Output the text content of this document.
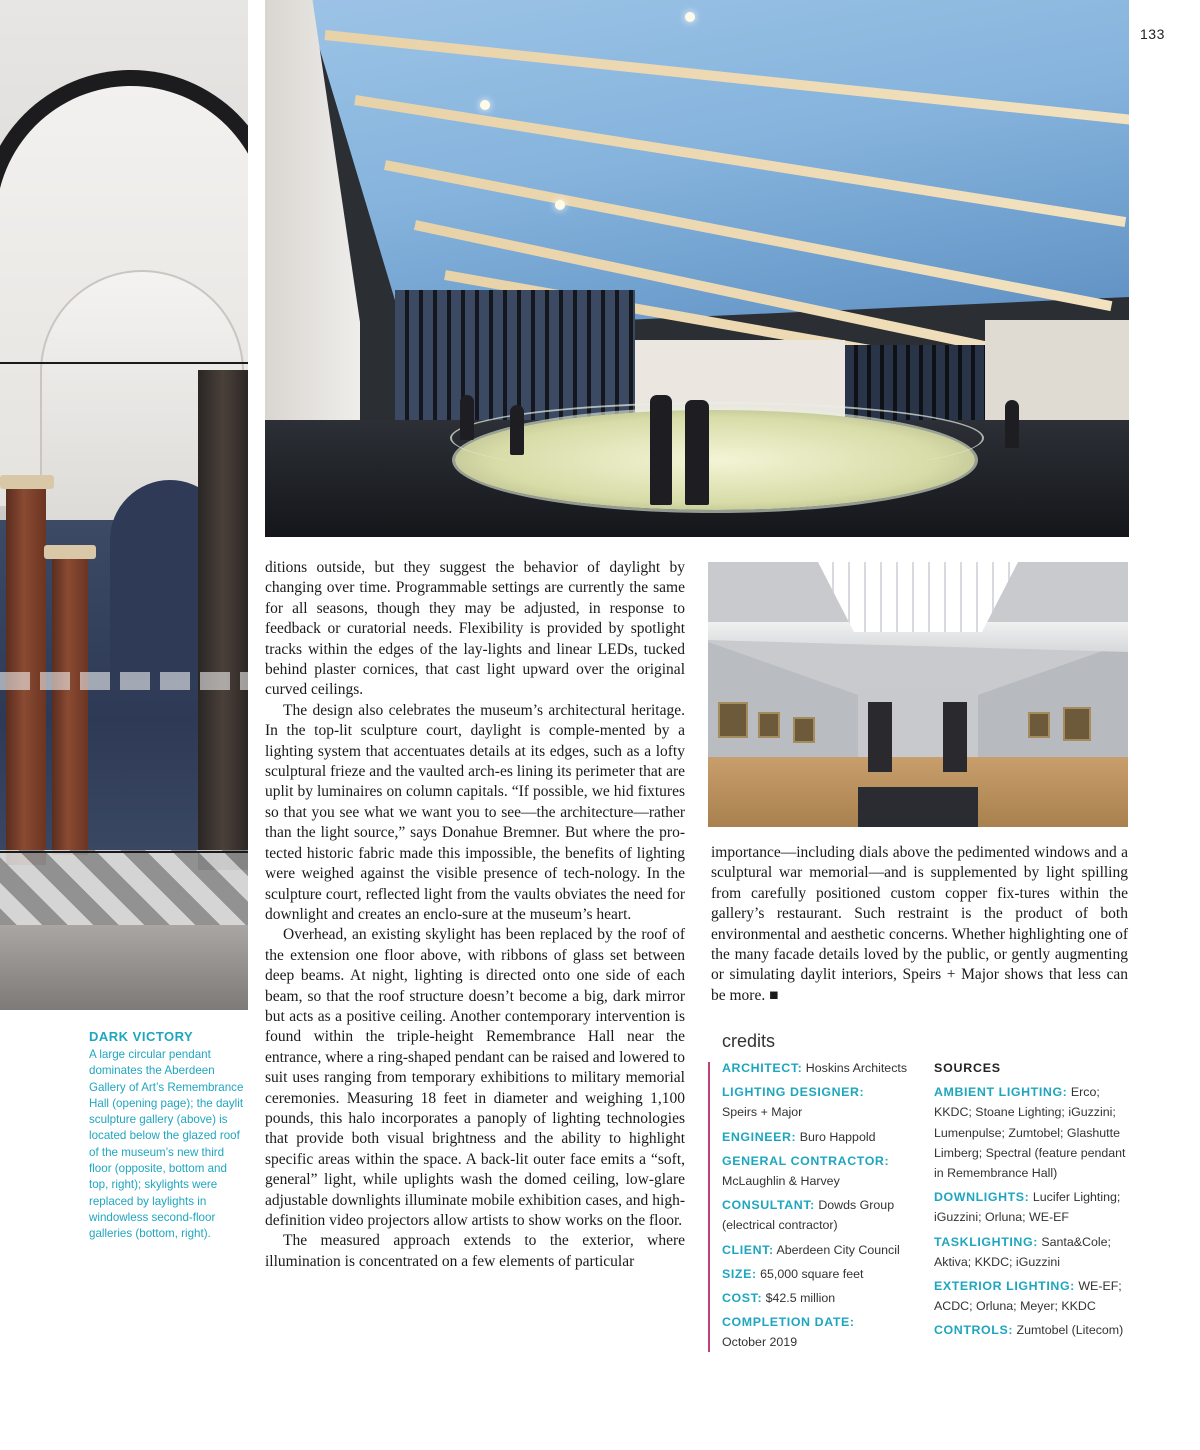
133
DARK VICTORY
A large circular pendant dominates the Aberdeen Gallery of Art’s Remembrance Hall (opening page); the daylit sculpture gallery (above) is located below the glazed roof of the museum’s new third floor (opposite, bottom and top, right); skylights were replaced by laylights in windowless second-floor galleries (bottom, right).

ditions outside, but they suggest the behavior of daylight by changing over time. Programmable settings are currently the same for all seasons, though they may be adjusted, in response to feedback or curatorial needs. Flexibility is provided by spotlight tracks within the edges of the lay-lights and linear LEDs, tucked behind plaster cornices, that cast light upward over the original curved ceilings.

The design also celebrates the museum’s architectural heritage. In the top-lit sculpture court, daylight is comple-mented by a lighting system that accentuates details at its edges, such as a lofty sculptural frieze and the vaulted arch-es lining its perimeter that are uplit by luminaires on column capitals. “If possible, we hid fixtures so that you see what we want you to see—the architecture—rather than the light source,” says Donahue Bremner. But where the pro-tected historic fabric made this impossible, the benefits of lighting were weighed against the visible presence of tech-nology. In the sculpture court, reflected light from the vaults obviates the need for downlight and creates an enclo-sure at the museum’s heart.

Overhead, an existing skylight has been replaced by the roof of the extension one floor above, with ribbons of glass set between deep beams. At night, lighting is directed onto one side of each beam, so that the roof structure doesn’t become a big, dark mirror but acts as a positive ceiling. Another contemporary intervention is found within the triple-height Remembrance Hall near the entrance, where a ring-shaped pendant can be raised and lowered to suit uses ranging from temporary exhibitions to military memorial ceremonies. Measuring 18 feet in diameter and weighing 1,100 pounds, this halo incorporates a panoply of lighting technologies that provide both visual brightness and the ability to highlight specific areas within the space. A back-lit outer face emits a “soft, general” light, while uplights wash the domed ceiling, low-glare adjustable downlights illuminate mobile exhibition cases, and high-definition video projectors allow artists to show works on the floor.

The measured approach extends to the exterior, where illumination is concentrated on a few elements of particular

importance—including dials above the pedimented windows and a sculptural war memorial—and is supplemented by light spilling from carefully positioned custom copper fix-tures within the gallery’s restaurant. Such restraint is the product of both environmental and aesthetic concerns. Whether highlighting one of the many facade details loved by the public, or gently augmenting or simulating daylit interiors, Speirs + Major shows that less can be more. ■

credits
ARCHITECT: Hoskins Architects
LIGHTING DESIGNER:
Speirs + Major
ENGINEER: Buro Happold
GENERAL CONTRACTOR:
McLaughlin & Harvey
CONSULTANT: Dowds Group (electrical contractor)
CLIENT: Aberdeen City Council
SIZE: 65,000 square feet
COST: $42.5 million
COMPLETION DATE:
October 2019
SOURCES
AMBIENT LIGHTING: Erco; KKDC; Stoane Lighting; iGuzzini; Lumenpulse; Zumtobel; Glashutte Limberg; Spectral (feature pendant in Remembrance Hall)
DOWNLIGHTS: Lucifer Lighting; iGuzzini; Orluna; WE-EF
TASKLIGHTING: Santa&Cole; Aktiva; KKDC; iGuzzini
EXTERIOR LIGHTING: WE-EF; ACDC; Orluna; Meyer; KKDC
CONTROLS: Zumtobel (Litecom)
